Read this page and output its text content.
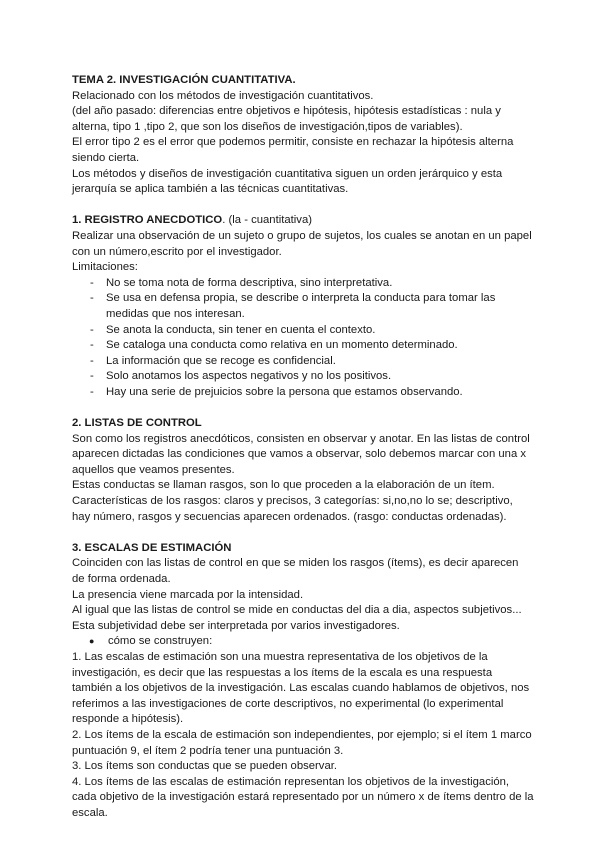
TEMA 2. INVESTIGACIÓN CUANTITATIVA.

Relacionado con los métodos de investigación cuantitativos.

(del año pasado: diferencias entre objetivos e hipótesis, hipótesis estadísticas : nula y alterna, tipo 1 ,tipo 2, que son los diseños de investigación,tipos de variables).

El error tipo 2 es el error que podemos permitir, consiste en rechazar la hipótesis alterna siendo cierta.

Los métodos y diseños de investigación cuantitativa siguen un orden jerárquico y esta jerarquía se aplica también a las técnicas cuantitativas.

1. REGISTRO ANECDOTICO. (la - cuantitativa)

Realizar una observación de un sujeto o grupo de sujetos, los cuales se anotan en un papel con un número,escrito por el investigador.

Limitaciones:

- No se toma nota de forma descriptiva, sino interpretativa.
- Se usa en defensa propia, se describe o interpreta la conducta para tomar las medidas que nos interesan.
- Se anota la conducta, sin tener en cuenta el contexto.
- Se cataloga una conducta como relativa en un momento determinado.
- La información que se recoge es confidencial.
- Solo anotamos los aspectos negativos y no los positivos.
- Hay una serie de prejuicios sobre la persona que estamos observando.

2. LISTAS DE CONTROL

Son como los registros anecdóticos, consisten en observar y anotar. En las listas de control aparecen dictadas las condiciones que vamos a observar, solo debemos marcar con una x aquellos que veamos presentes.

Estas conductas se llaman rasgos, son lo que proceden a la elaboración de un ítem.

Características de los rasgos: claros y precisos, 3 categorías: si,no,no lo se; descriptivo, hay número, rasgos y secuencias aparecen ordenados. (rasgo: conductas ordenadas).

3. ESCALAS DE ESTIMACIÓN

Coinciden con las listas de control en que se miden los rasgos (ítems), es decir aparecen de forma ordenada.

La presencia viene marcada por la intensidad.

Al igual que las listas de control se mide en conductas del dia a dia, aspectos subjetivos... Esta subjetividad debe ser interpretada por varios investigadores.

● cómo se construyen:

1. Las escalas de estimación son una muestra representativa de los objetivos de la investigación, es decir que las respuestas a los ítems de la escala es una respuesta también a los objetivos de la investigación. Las escalas cuando hablamos de objetivos, nos referimos a las investigaciones de corte descriptivos, no experimental (lo experimental responde a hipótesis).

2. Los ítems de la escala de estimación son independientes, por ejemplo; si el ítem 1 marco puntuación 9, el ítem 2 podría tener una puntuación 3.

3. Los ítems son conductas que se pueden observar.

4. Los ítems de las escalas de estimación representan los objetivos de la investigación, cada objetivo de la investigación estará representado por un número x de ítems dentro de la escala.
